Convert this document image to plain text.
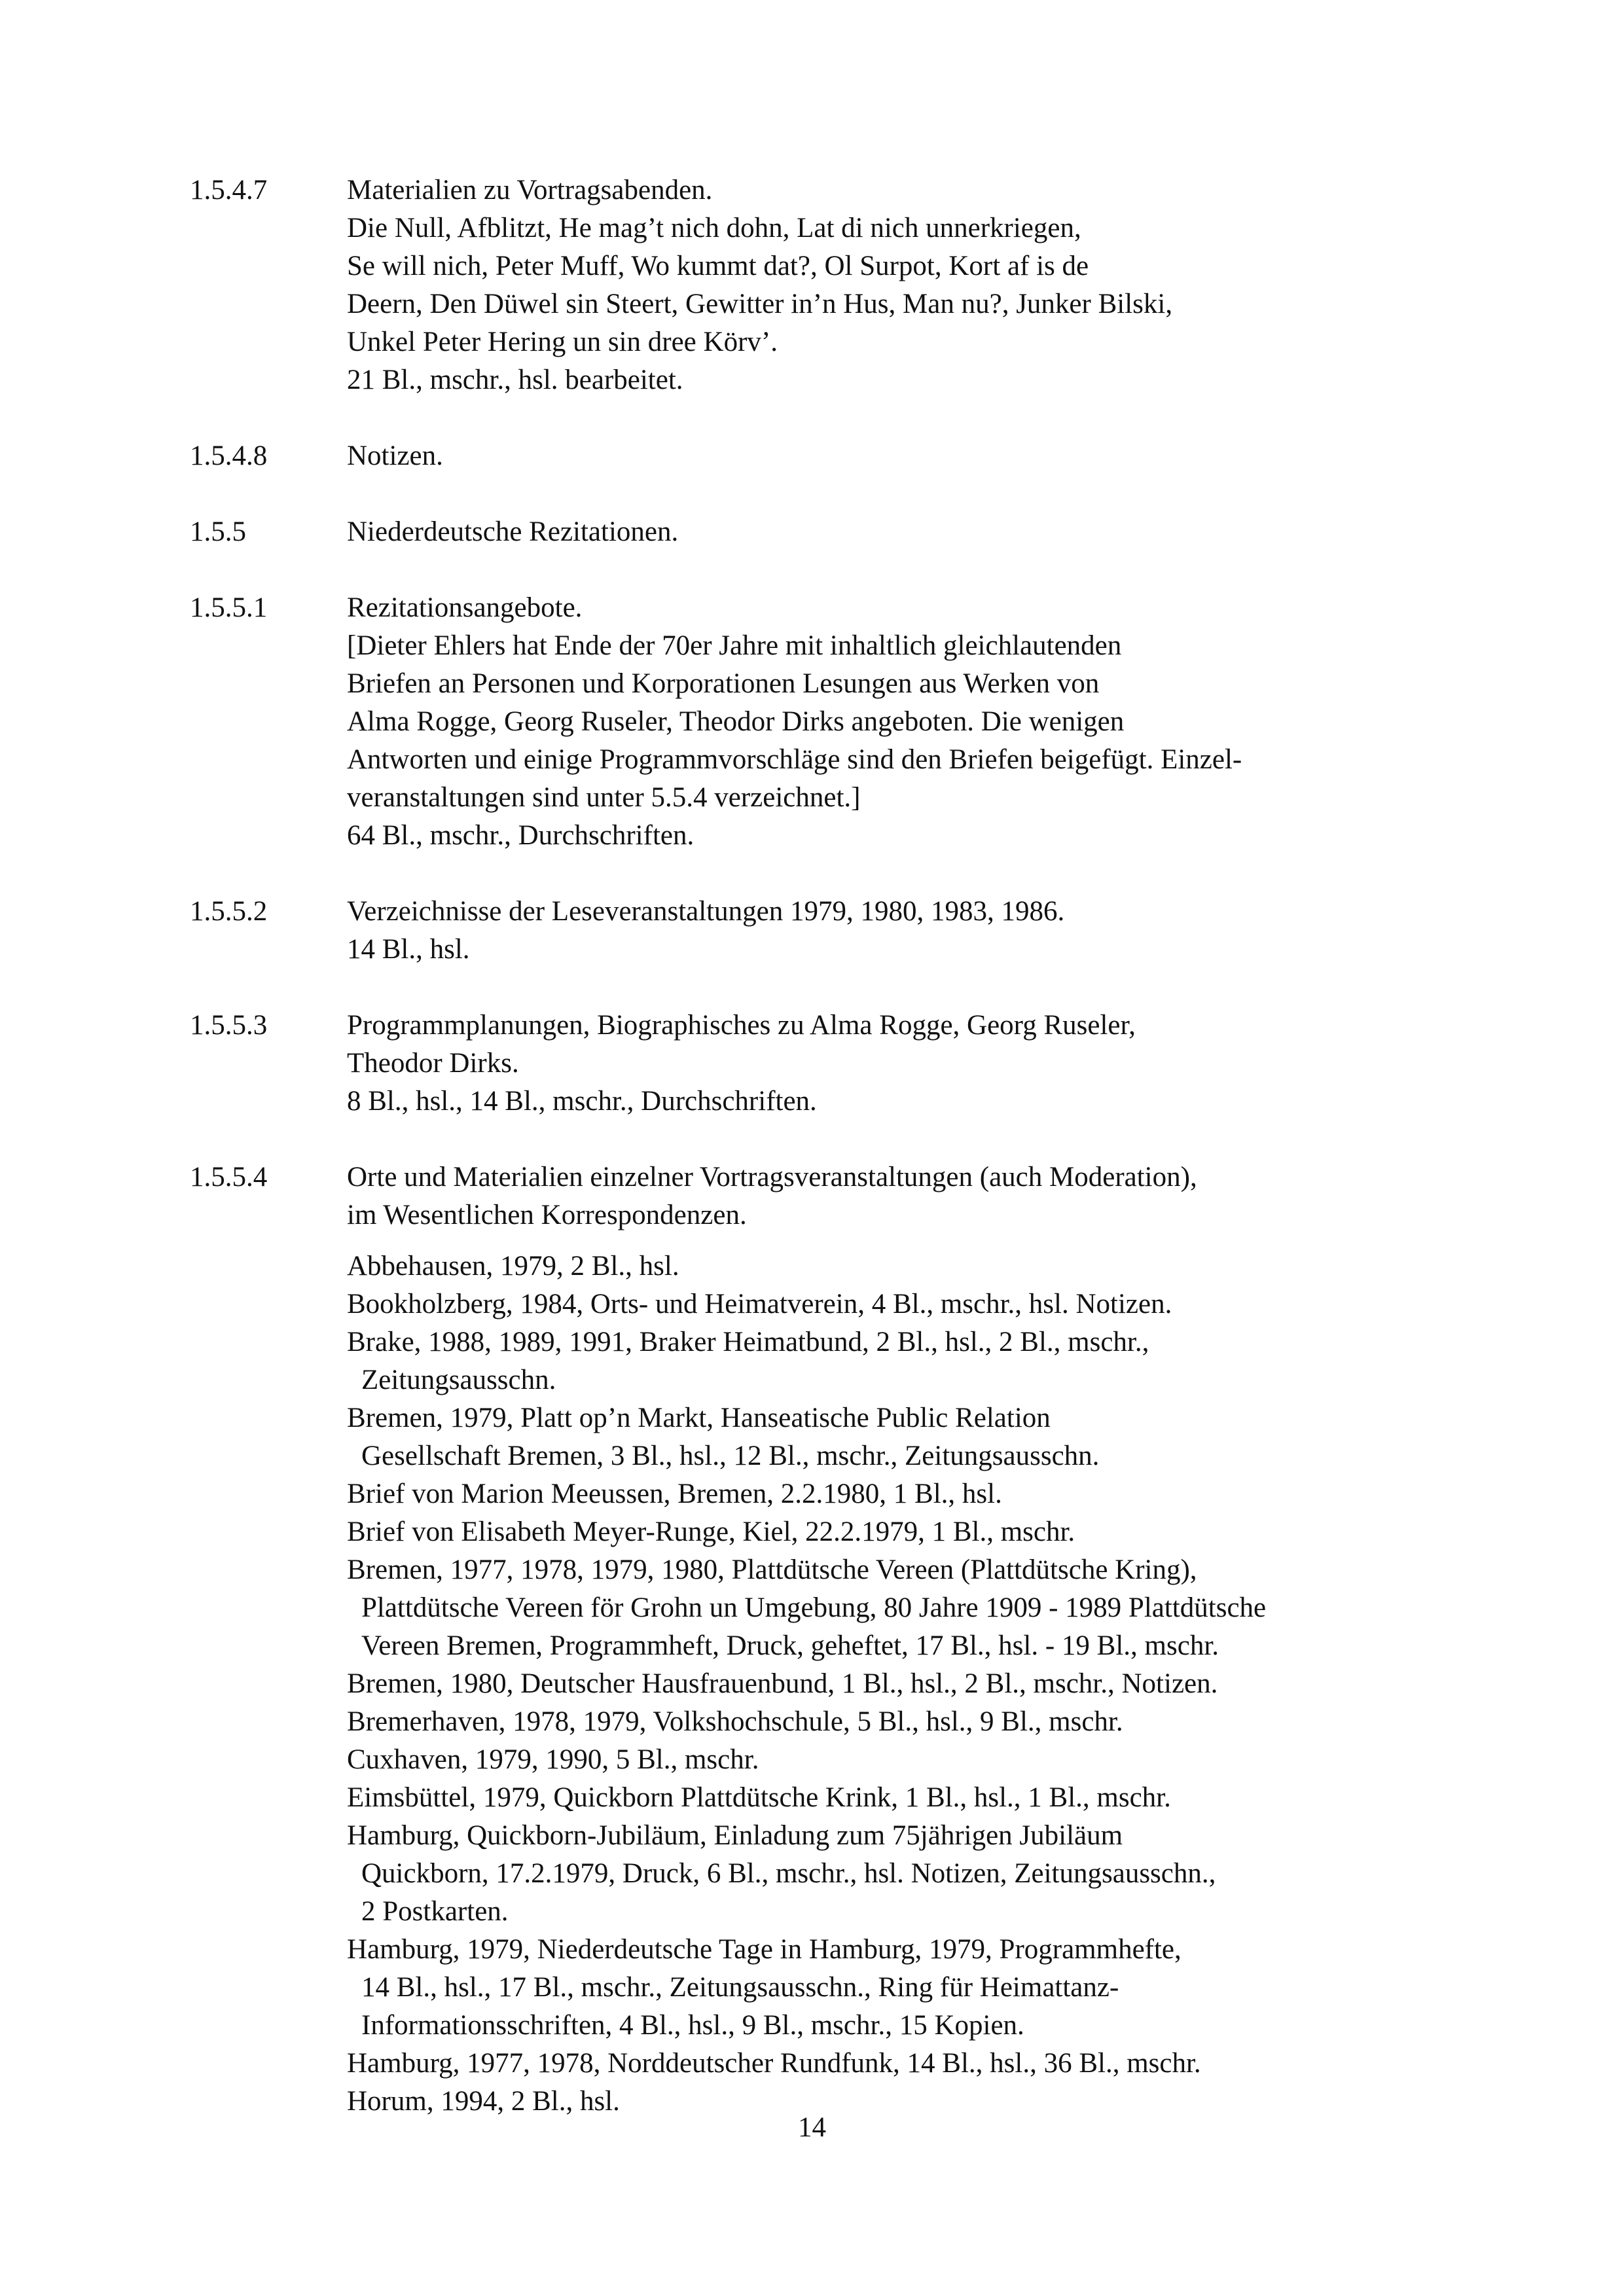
1.5.4.7	Materialien zu Vortragsabenden.
Die Null, Afblitzt, He mag’t nich dohn, Lat di nich unnerkriegen,
Se will nich, Peter Muff, Wo kummt dat?, Ol Surpot, Kort af is de
Deern, Den Düwel sin Steert, Gewitter in’n Hus, Man nu?, Junker Bilski,
Unkel Peter Hering un sin dree Körv’.
21 Bl., mschr., hsl. bearbeitet.
1.5.4.8	Notizen.
1.5.5	Niederdeutsche Rezitationen.
1.5.5.1	Rezitationsangebote.
[Dieter Ehlers hat Ende der 70er Jahre mit inhaltlich gleichlautenden
Briefen an Personen und Korporationen Lesungen aus Werken von
Alma Rogge, Georg Ruseler, Theodor Dirks angeboten. Die wenigen
Antworten und einige Programmvorschläge sind den Briefen beigefügt. Einzel-
veranstaltungen sind unter 5.5.4 verzeichnet.]
64 Bl., mschr., Durchschriften.
1.5.5.2	Verzeichnisse der Leseveranstaltungen 1979, 1980, 1983, 1986.
14 Bl., hsl.
1.5.5.3	Programmplanungen, Biographisches zu Alma Rogge, Georg Ruseler,
Theodor Dirks.
8 Bl., hsl., 14 Bl., mschr., Durchschriften.
1.5.5.4	Orte und Materialien einzelner Vortragsveranstaltungen (auch Moderation),
im Wesentlichen Korrespondenzen.
Abbehausen, 1979, 2 Bl., hsl.
Bookholzberg, 1984, Orts- und Heimatverein, 4 Bl., mschr., hsl. Notizen.
Brake, 1988, 1989, 1991, Braker Heimatbund, 2 Bl., hsl., 2 Bl., mschr.,
Zeitungsausschn.
Bremen, 1979, Platt op’n Markt, Hanseatische Public Relation
Gesellschaft Bremen, 3 Bl., hsl., 12 Bl., mschr., Zeitungsausschn.
Brief von Marion Meeussen, Bremen, 2.2.1980, 1 Bl., hsl.
Brief von Elisabeth Meyer-Runge, Kiel, 22.2.1979, 1 Bl., mschr.
Bremen, 1977, 1978, 1979, 1980, Plattdütsche Vereen (Plattdütsche Kring),
Plattdütsche Vereen för Grohn un Umgebung, 80 Jahre 1909 - 1989 Plattdütsche
Vereen Bremen, Programmheft, Druck, geheftet, 17 Bl., hsl. - 19 Bl., mschr.
Bremen, 1980, Deutscher Hausfrauenbund, 1 Bl., hsl., 2 Bl., mschr., Notizen.
Bremerhaven, 1978, 1979, Volkshochschule, 5 Bl., hsl., 9 Bl., mschr.
Cuxhaven, 1979, 1990, 5 Bl., mschr.
Eimsbüttel, 1979, Quickborn Plattdütsche Krink, 1 Bl., hsl., 1 Bl., mschr.
Hamburg, Quickborn-Jubiläum, Einladung zum 75jährigen Jubiläum
Quickborn, 17.2.1979, Druck, 6 Bl., mschr., hsl. Notizen, Zeitungsausschn.,
2 Postkarten.
Hamburg, 1979, Niederdeutsche Tage in Hamburg, 1979, Programmhefte,
14 Bl., hsl., 17 Bl., mschr., Zeitungsausschn., Ring für Heimattanz-
Informationsschriften, 4 Bl., hsl., 9 Bl., mschr., 15 Kopien.
Hamburg, 1977, 1978, Norddeutscher Rundfunk, 14 Bl., hsl., 36 Bl., mschr.
Horum, 1994, 2 Bl., hsl.
14
